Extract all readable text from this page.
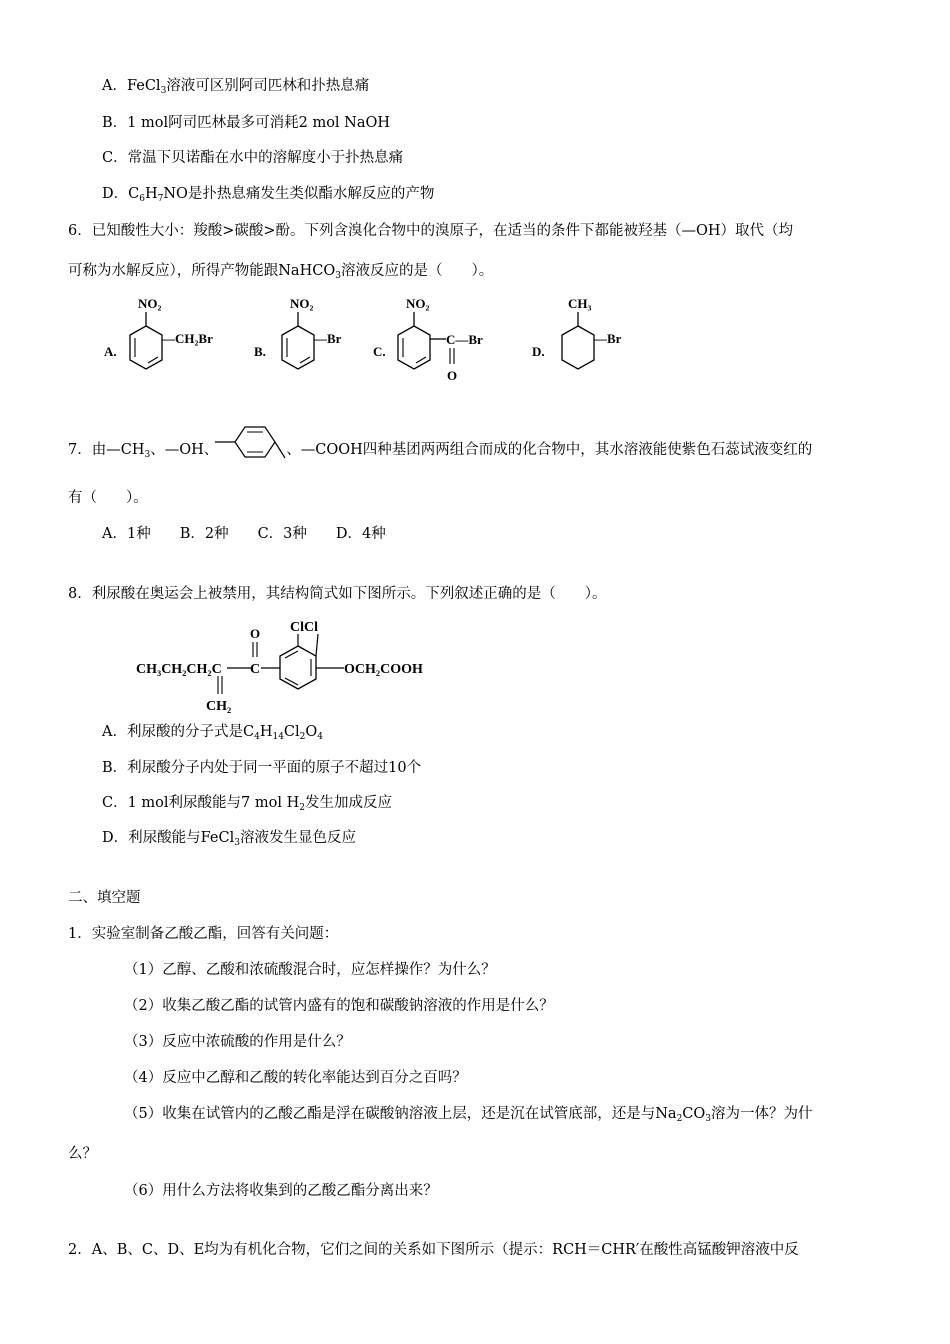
A．FeCl$_3$溶液可区别阿司匹林和扑热息痛
B．1 mol阿司匹林最多可消耗2 mol NaOH
C．常温下贝诺酯在水中的溶解度小于扑热息痛
D．$C_6H_7NO$是扑热息痛发生类似酯水解反应的产物
6．已知酸性大小：羧酸>碳酸>酚。下列含溴化合物中的溴原子，在适当的条件下都能被羟基（—OH）取代（均
可称为水解反应），所得产物能跟NaHCO$_3$溶液反应的是（　　）。
A.
NO₂
—CH₂Br
B.
NO₂
—Br
C.
NO₂
C—Br
O
D.
CH₃
—Br
7．由$—CH_3$、—OH、	、—COOH四种基团两两组合而成的化合物中，其水溶液能使紫色石蕊试液变红的
有（　　）。
A．1种　　B．2种　　C．3种　　D．4种
8．利尿酸在奥运会上被禁用，其结构简式如下图所示。下列叙述正确的是（　　）。
CH₃CH₂CH₂C C
O ClCl
OCH₂COOH
CH₂
A．利尿酸的分子式是$C_4H_{14}Cl_2O_4$
B．利尿酸分子内处于同一平面的原子不超过10个
C．1 mol利尿酸能与7 mol $H_2$发生加成反应
D．利尿酸能与FeCl$_3$溶液发生显色反应
二、填空题
1．实验室制备乙酸乙酯，回答有关问题：
（1）乙醇、乙酸和浓硫酸混合时，应怎样操作？为什么？
（2）收集乙酸乙酯的试管内盛有的饱和碳酸钠溶液的作用是什么？
（3）反应中浓硫酸的作用是什么？
（4）反应中乙醇和乙酸的转化率能达到百分之百吗？
（5）收集在试管内的乙酸乙酯是浮在碳酸钠溶液上层，还是沉在试管底部，还是与$Na_2CO_3$溶为一体？为什
么？
（6）用什么方法将收集到的乙酸乙酯分离出来？
2．A、B、C、D、E均为有机化合物，它们之间的关系如下图所示（提示：RCH＝CHR′在酸性高锰酸钾溶液中反
